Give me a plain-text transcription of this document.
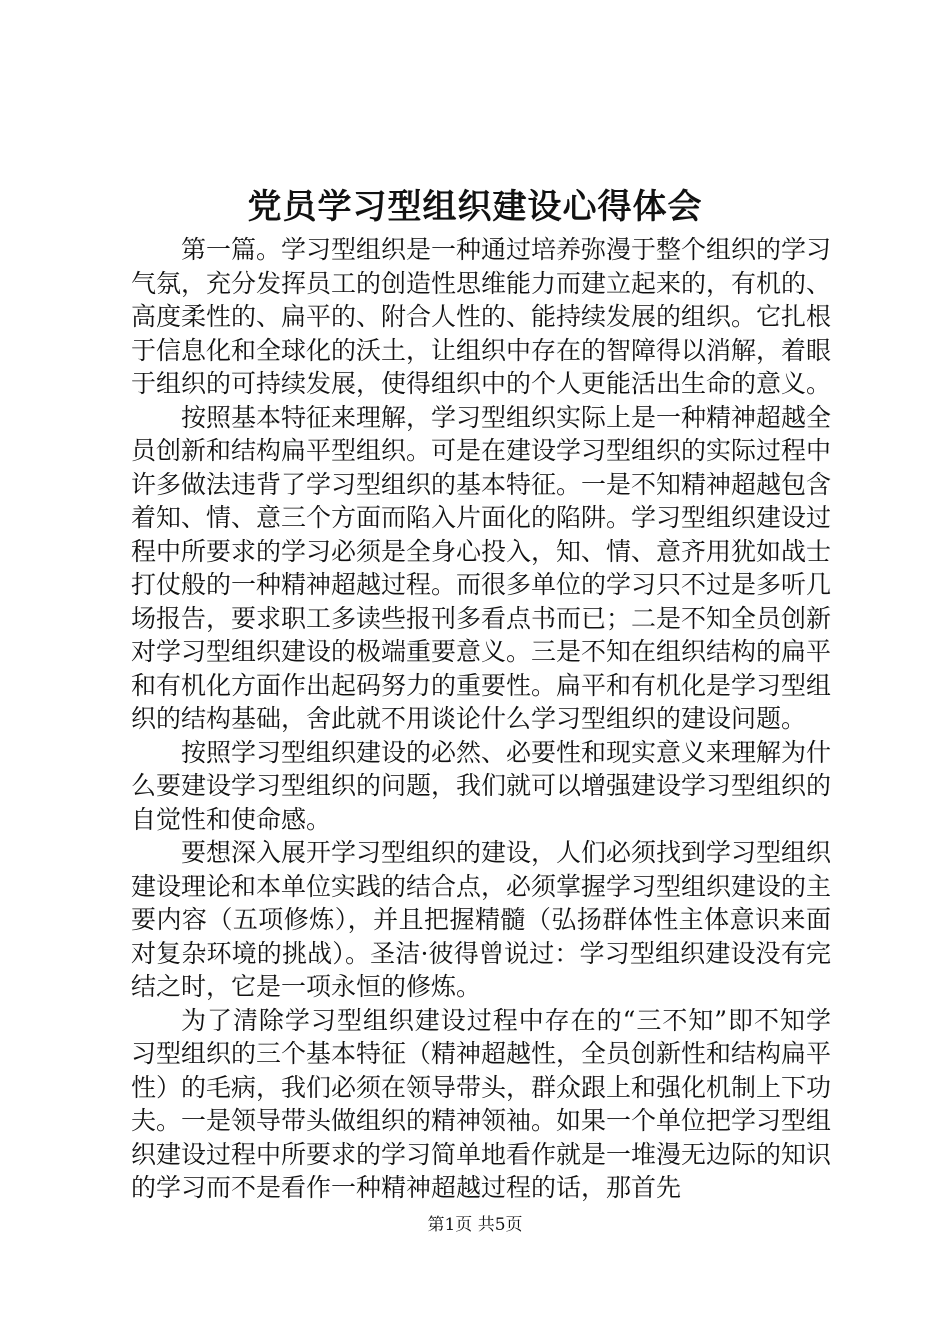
党员学习型组织建设心得体会

第一篇。学习型组织是一种通过培养弥漫于整个组织的学习气氛，充分发挥员工的创造性思维能力而建立起来的，有机的、高度柔性的、扁平的、附合人性的、能持续发展的组织。它扎根于信息化和全球化的沃土，让组织中存在的智障得以消解，着眼于组织的可持续发展，使得组织中的个人更能活出生命的意义。

按照基本特征来理解，学习型组织实际上是一种精神超越全员创新和结构扁平型组织。可是在建设学习型组织的实际过程中许多做法违背了学习型组织的基本特征。一是不知精神超越包含着知、情、意三个方面而陷入片面化的陷阱。学习型组织建设过程中所要求的学习必须是全身心投入，知、情、意齐用犹如战士打仗般的一种精神超越过程。而很多单位的学习只不过是多听几场报告，要求职工多读些报刊多看点书而已；二是不知全员创新对学习型组织建设的极端重要意义。三是不知在组织结构的扁平和有机化方面作出起码努力的重要性。扁平和有机化是学习型组织的结构基础，舍此就不用谈论什么学习型组织的建设问题。

按照学习型组织建设的必然、必要性和现实意义来理解为什么要建设学习型组织的问题，我们就可以增强建设学习型组织的自觉性和使命感。

要想深入展开学习型组织的建设，人们必须找到学习型组织建设理论和本单位实践的结合点，必须掌握学习型组织建设的主要内容（五项修炼），并且把握精髓（弘扬群体性主体意识来面对复杂环境的挑战）。圣洁·彼得曾说过：学习型组织建设没有完结之时，它是一项永恒的修炼。

为了清除学习型组织建设过程中存在的“三不知”即不知学习型组织的三个基本特征（精神超越性，全员创新性和结构扁平性）的毛病，我们必须在领导带头，群众跟上和强化机制上下功夫。一是领导带头做组织的精神领袖。如果一个单位把学习型组织建设过程中所要求的学习简单地看作就是一堆漫无边际的知识的学习而不是看作一种精神超越过程的话，那首先

第1页 共5页
